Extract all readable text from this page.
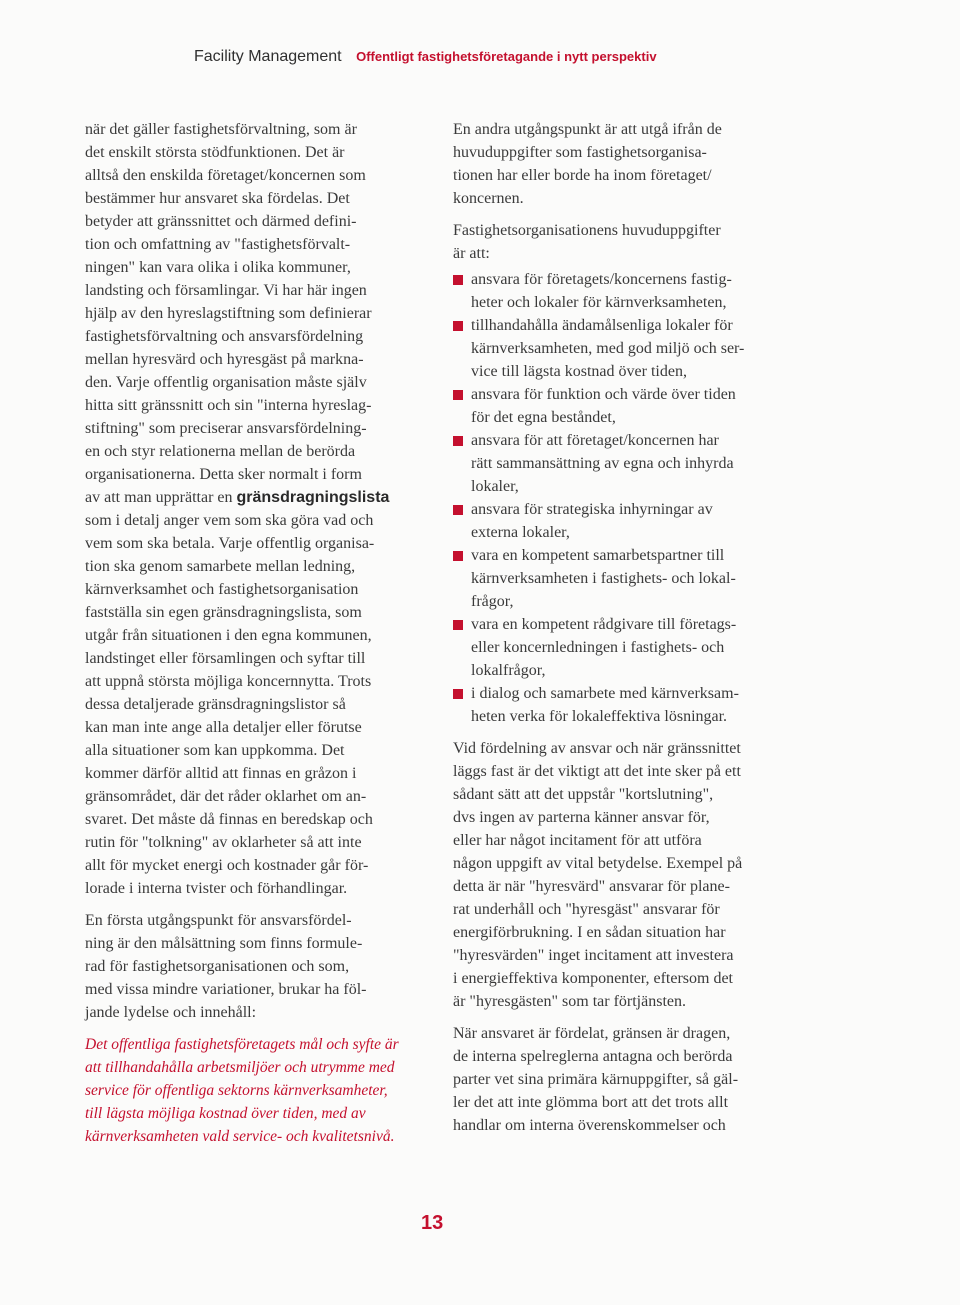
Facility Management Offentligt fastighetsföretagande i nytt perspektiv
när det gäller fastighetsförvaltning, som är
det enskilt största stödfunktionen. Det är
alltså den enskilda företaget/koncernen som
bestämmer hur ansvaret ska fördelas. Det
betyder att gränssnittet och därmed defini-
tion och omfattning av "fastighetsförvalt-
ningen" kan vara olika i olika kommuner,
landsting och församlingar. Vi har här ingen
hjälp av den hyreslagstiftning som definierar
fastighetsförvaltning och ansvarsfördelning
mellan hyresvärd och hyresgäst på markna-
den. Varje offentlig organisation måste själv
hitta sitt gränssnitt och sin "interna hyreslag-
stiftning" som preciserar ansvarsfördelning-
en och styr relationerna mellan de berörda
organisationerna. Detta sker normalt i form
av att man upprättar en gränsdragningslista
som i detalj anger vem som ska göra vad och
vem som ska betala. Varje offentlig organisa-
tion ska genom samarbete mellan ledning,
kärnverksamhet och fastighetsorganisation
fastställa sin egen gränsdragningslista, som
utgår från situationen i den egna kommunen,
landstinget eller församlingen och syftar till
att uppnå största möjliga koncernnytta. Trots
dessa detaljerade gränsdragningslistor så
kan man inte ange alla detaljer eller förutse
alla situationer som kan uppkomma. Det
kommer därför alltid att finnas en gråzon i
gränsområdet, där det råder oklarhet om an-
svaret. Det måste då finnas en beredskap och
rutin för "tolkning" av oklarheter så att inte
allt för mycket energi och kostnader går för-
lorade i interna tvister och förhandlingar.
En första utgångspunkt för ansvarsfördel-
ning är den målsättning som finns formule-
rad för fastighetsorganisationen och som,
med vissa mindre variationer, brukar ha föl-
jande lydelse och innehåll:
Det offentliga fastighetsföretagets mål och syfte är
att tillhandahålla arbetsmiljöer och utrymme med
service för offentliga sektorns kärnverksamheter,
till lägsta möjliga kostnad över tiden, med av
kärnverksamheten vald service- och kvalitetsnivå.
En andra utgångspunkt är att utgå ifrån de
huvuduppgifter som fastighetsorganisa-
tionen har eller borde ha inom företaget/
koncernen.
Fastighetsorganisationens huvuduppgifter
är att:
ansvara för företagets/koncernens fastig-
heter och lokaler för kärnverksamheten,
tillhandahålla ändamålsenliga lokaler för
kärnverksamheten, med god miljö och ser-
vice till lägsta kostnad över tiden,
ansvara för funktion och värde över tiden
för det egna beståndet,
ansvara för att företaget/koncernen har
rätt sammansättning av egna och inhyrda
lokaler,
ansvara för strategiska inhyrningar av
externa lokaler,
vara en kompetent samarbetspartner till
kärnverksamheten i fastighets- och lokal-
frågor,
vara en kompetent rådgivare till företags-
eller koncernledningen i fastighets- och
lokalfrågor,
i dialog och samarbete med kärnverksam-
heten verka för lokaleffektiva lösningar.
Vid fördelning av ansvar och när gränssnittet
läggs fast är det viktigt att det inte sker på ett
sådant sätt att det uppstår "kortslutning",
dvs ingen av parterna känner ansvar för,
eller har något incitament för att utföra
någon uppgift av vital betydelse. Exempel på
detta är när "hyresvärd" ansvarar för plane-
rat underhåll och "hyresgäst" ansvarar för
energiförbrukning. I en sådan situation har
"hyresvärden" inget incitament att investera
i energieffektiva komponenter, eftersom det
är "hyresgästen" som tar förtjänsten.
När ansvaret är fördelat, gränsen är dragen,
de interna spelreglerna antagna och berörda
parter vet sina primära kärnuppgifter, så gäl-
ler det att inte glömma bort att det trots allt
handlar om interna överenskommelser och
13
